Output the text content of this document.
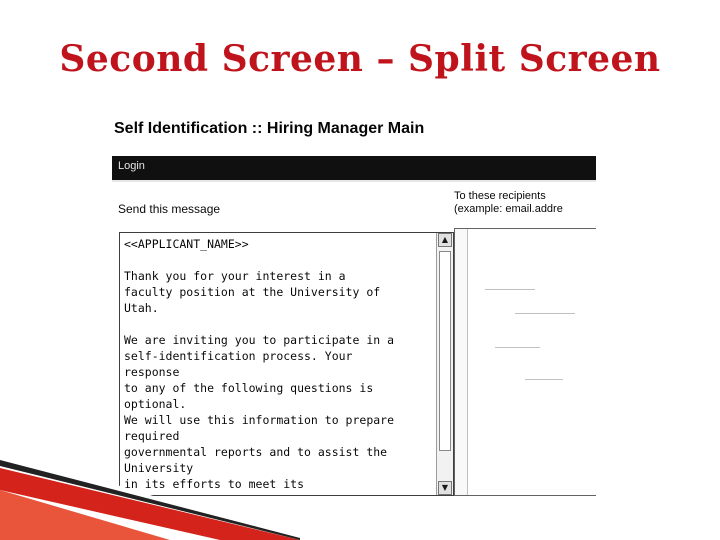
Second Screen – Split Screen
Self Identification :: Hiring Manager Main
Login
Send this message
To these recipients
(example: email.addre
<<APPLICANT_NAME>>

Thank you for your interest in a
faculty position at the University of
Utah.

We are inviting you to participate in a
self-identification process. Your
response
to any of the following questions is
optional.
We will use this information to prepare
required
governmental reports and to assist the
University
in its efforts to meet its
▲
▼
